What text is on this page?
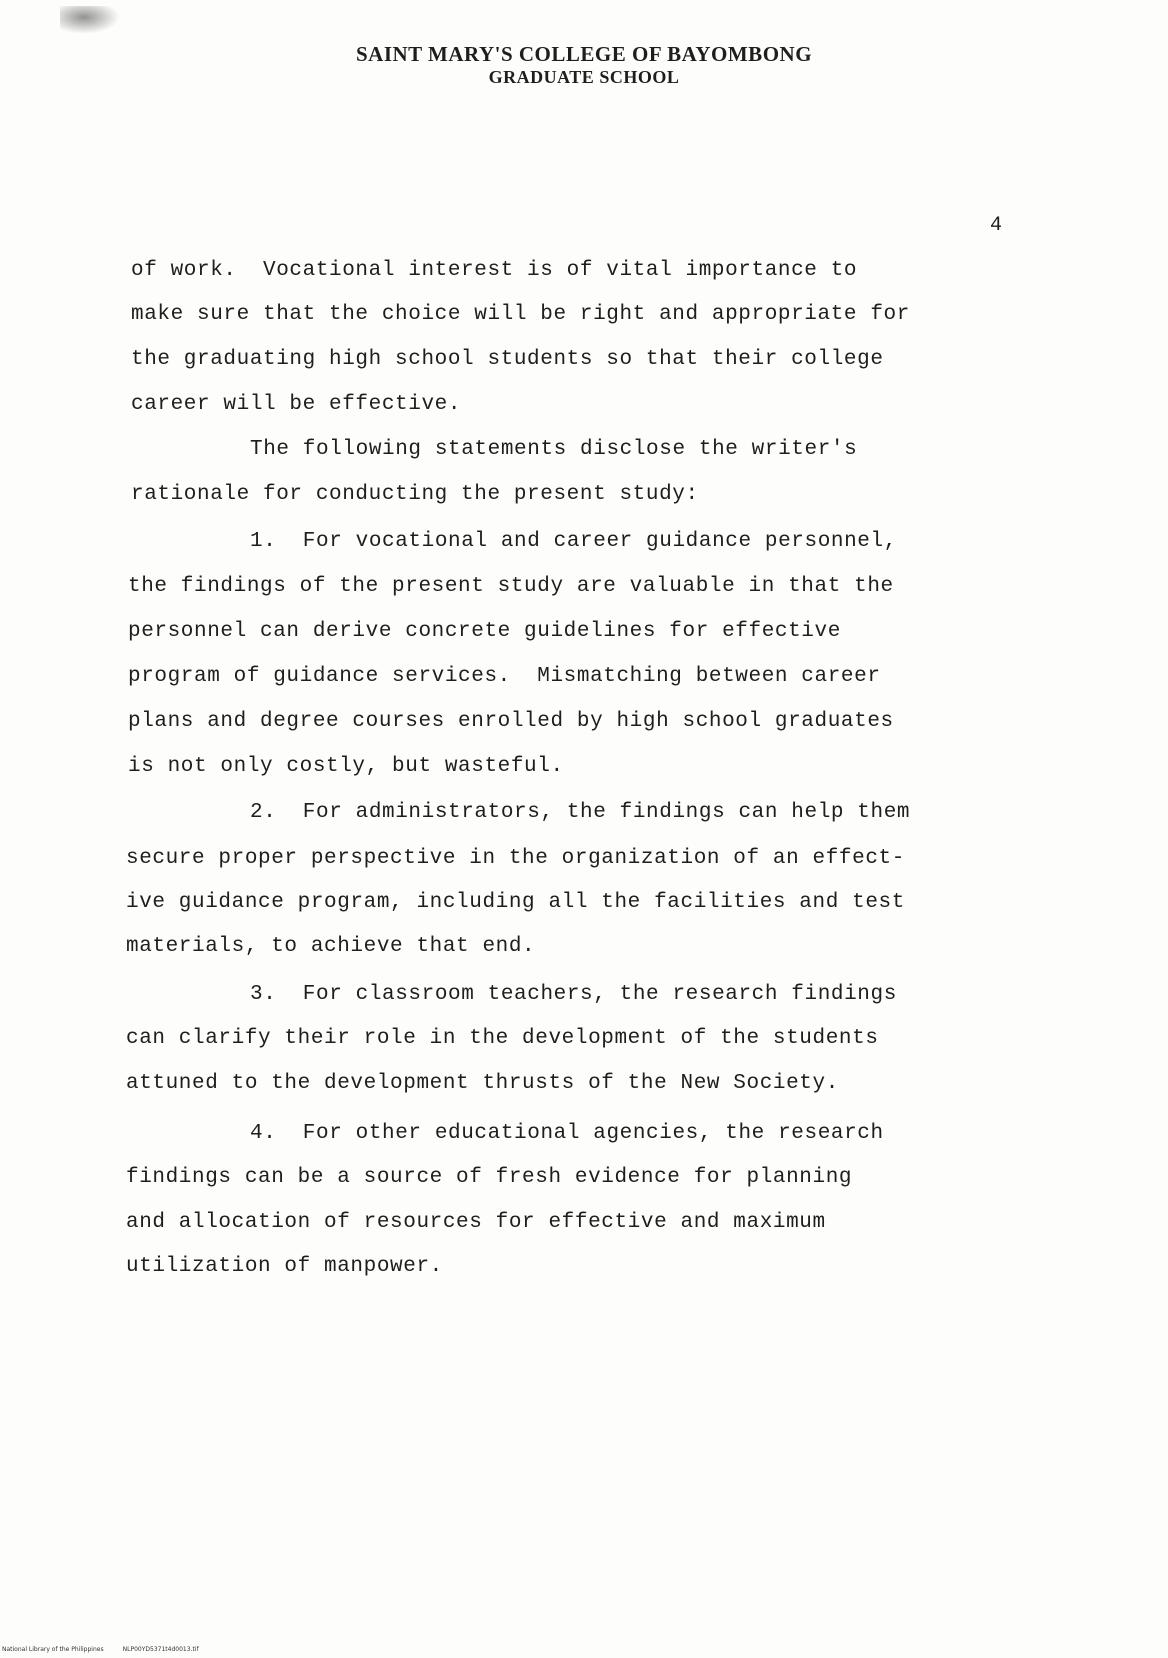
SAINT MARY'S COLLEGE OF BAYOMBONG
GRADUATE SCHOOL
4
of work.  Vocational interest is of vital importance to
make sure that the choice will be right and appropriate for
the graduating high school students so that their college
career will be effective.
The following statements disclose the writer's
rationale for conducting the present study:
1.  For vocational and career guidance personnel,
the findings of the present study are valuable in that the
personnel can derive concrete guidelines for effective
program of guidance services.  Mismatching between career
plans and degree courses enrolled by high school graduates
is not only costly, but wasteful.
2.  For administrators, the findings can help them
secure proper perspective in the organization of an effect-
ive guidance program, including all the facilities and test
materials, to achieve that end.
3.  For classroom teachers, the research findings
can clarify their role in the development of the students
attuned to the development thrusts of the New Society.
4.  For other educational agencies, the research
findings can be a source of fresh evidence for planning
and allocation of resources for effective and maximum
utilization of manpower.
National Library of the Philippines	NLP00YD5371t4d0013.tif
